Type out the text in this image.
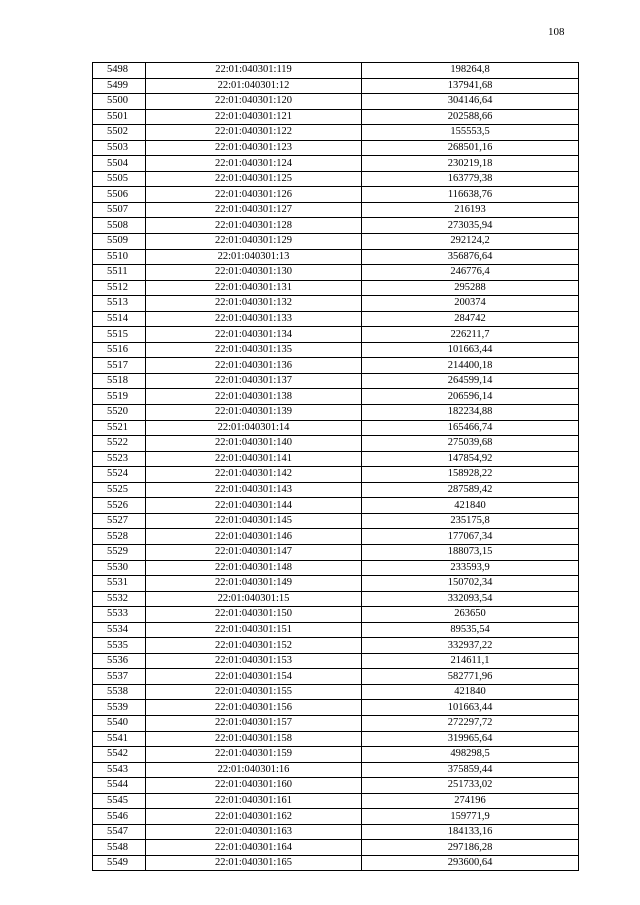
108
5498	22:01:040301:119	198264,8
5499	22:01:040301:12	137941,68
5500	22:01:040301:120	304146,64
5501	22:01:040301:121	202588,66
5502	22:01:040301:122	155553,5
5503	22:01:040301:123	268501,16
5504	22:01:040301:124	230219,18
5505	22:01:040301:125	163779,38
5506	22:01:040301:126	116638,76
5507	22:01:040301:127	216193
5508	22:01:040301:128	273035,94
5509	22:01:040301:129	292124,2
5510	22:01:040301:13	356876,64
5511	22:01:040301:130	246776,4
5512	22:01:040301:131	295288
5513	22:01:040301:132	200374
5514	22:01:040301:133	284742
5515	22:01:040301:134	226211,7
5516	22:01:040301:135	101663,44
5517	22:01:040301:136	214400,18
5518	22:01:040301:137	264599,14
5519	22:01:040301:138	206596,14
5520	22:01:040301:139	182234,88
5521	22:01:040301:14	165466,74
5522	22:01:040301:140	275039,68
5523	22:01:040301:141	147854,92
5524	22:01:040301:142	158928,22
5525	22:01:040301:143	287589,42
5526	22:01:040301:144	421840
5527	22:01:040301:145	235175,8
5528	22:01:040301:146	177067,34
5529	22:01:040301:147	188073,15
5530	22:01:040301:148	233593,9
5531	22:01:040301:149	150702,34
5532	22:01:040301:15	332093,54
5533	22:01:040301:150	263650
5534	22:01:040301:151	89535,54
5535	22:01:040301:152	332937,22
5536	22:01:040301:153	214611,1
5537	22:01:040301:154	582771,96
5538	22:01:040301:155	421840
5539	22:01:040301:156	101663,44
5540	22:01:040301:157	272297,72
5541	22:01:040301:158	319965,64
5542	22:01:040301:159	498298,5
5543	22:01:040301:16	375859,44
5544	22:01:040301:160	251733,02
5545	22:01:040301:161	274196
5546	22:01:040301:162	159771,9
5547	22:01:040301:163	184133,16
5548	22:01:040301:164	297186,28
5549	22:01:040301:165	293600,64
